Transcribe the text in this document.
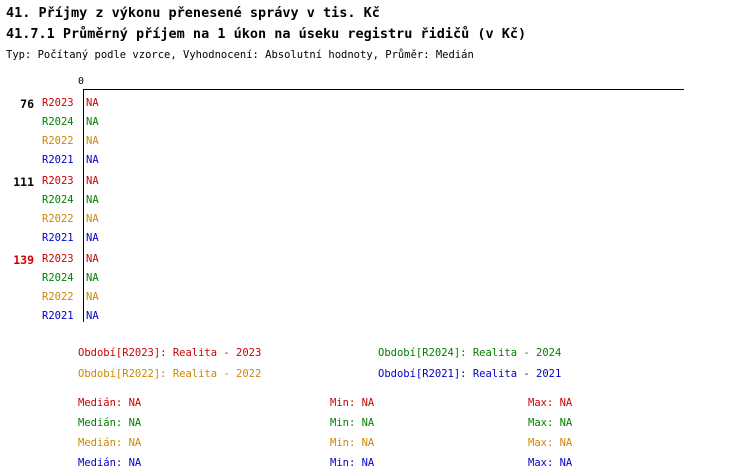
41. Příjmy z výkonu přenesené správy v tis. Kč
41.7.1 Průměrný příjem na 1 úkon na úseku registru řidičů (v Kč)
Typ: Počítaný podle vzorce, Vyhodnocení: Absolutní hodnoty, Průměr: Medián
0
76 R2023 NA
R2024 NA
R2022 NA
R2021 NA
111 R2023 NA
R2024 NA
R2022 NA
R2021 NA
139 R2023 NA
R2024 NA
R2022 NA
R2021 NA
Období[R2023]: Realita - 2023	Období[R2024]: Realita - 2024
Období[R2022]: Realita - 2022	Období[R2021]: Realita - 2021
Medián: NA	Min: NA	Max: NA
Medián: NA	Min: NA	Max: NA
Medián: NA	Min: NA	Max: NA
Medián: NA	Min: NA	Max: NA
